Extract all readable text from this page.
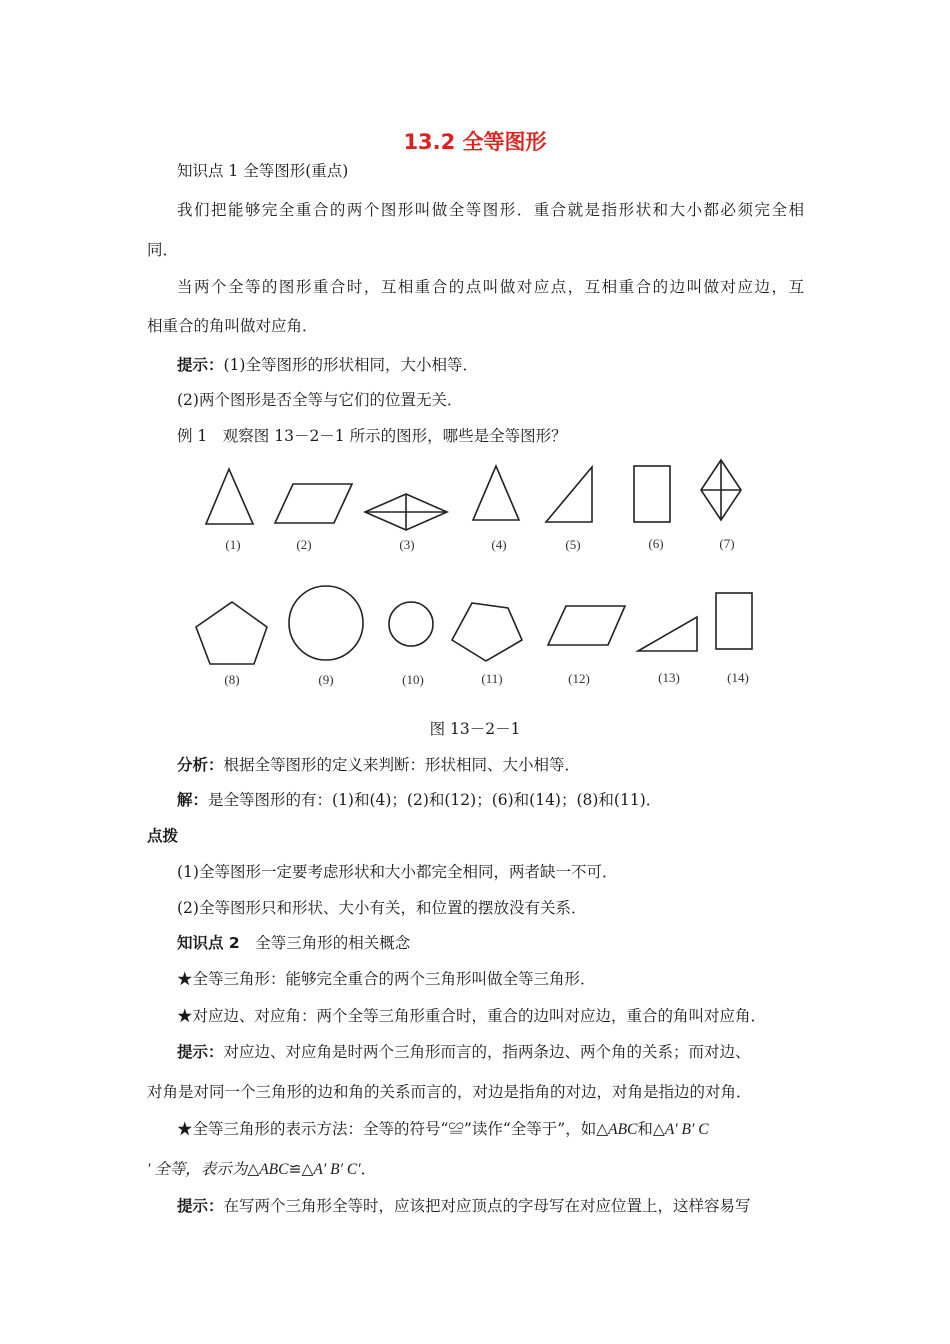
13.2 全等图形
知识点 1 全等图形(重点)
我们把能够完全重合的两个图形叫做全等图形．重合就是指形状和大小都必须完全相
同．
当两个全等的图形重合时，互相重合的点叫做对应点，互相重合的边叫做对应边，互
相重合的角叫做对应角．
提示：(1)全等图形的形状相同，大小相等．
(2)两个图形是否全等与它们的位置无关．
例 1　观察图 13－2－1 所示的图形，哪些是全等图形？
(1)	(2)	(3)	(4)	(5)	(6)	(7)
(8)	(9)	(10)	(11)	(12)	(13)	(14)
图 13－2－1
分析：根据全等图形的定义来判断：形状相同、大小相等．
解：是全等图形的有：(1)和(4)；(2)和(12)；(6)和(14)；(8)和(11)．
点拨
(1)全等图形一定要考虑形状和大小都完全相同，两者缺一不可．
(2)全等图形只和形状、大小有关，和位置的摆放没有关系．
知识点 2　全等三角形的相关概念
★全等三角形：能够完全重合的两个三角形叫做全等三角形．
★对应边、对应角：两个全等三角形重合时，重合的边叫对应边，重合的角叫对应角．
提示：对应边、对应角是时两个三角形而言的，指两条边、两个角的关系；而对边、
对角是对同一个三角形的边和角的关系而言的，对边是指角的对边，对角是指边的对角．
★全等三角形的表示方法：全等的符号“≌”读作“全等于”，如△ABC和△A′ B′ C
′ 全等，表示为△ABC≌△A′ B′ C′．
提示：在写两个三角形全等时，应该把对应顶点的字母写在对应位置上，这样容易写
